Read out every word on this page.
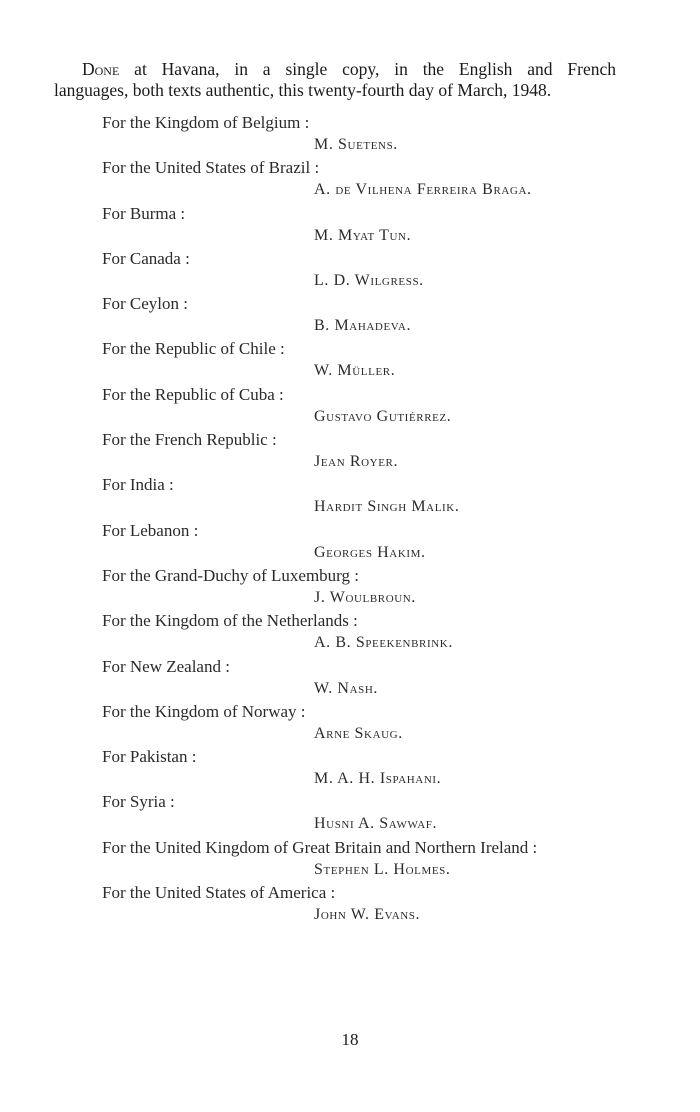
Done at Havana, in a single copy, in the English and French
languages, both texts authentic, this twenty-fourth day of March, 1948.
For the Kingdom of Belgium :
M. Suetens.
For the United States of Brazil :
A. de Vilhena Ferreira Braga.
For Burma :
M. Myat Tun.
For Canada :
L. D. Wilgress.
For Ceylon :
B. Mahadeva.
For the Republic of Chile :
W. Müller.
For the Republic of Cuba :
Gustavo Gutiérrez.
For the French Republic :
Jean Royer.
For India :
Hardit Singh Malik.
For Lebanon :
Georges Hakim.
For the Grand-Duchy of Luxemburg :
J. Woulbroun.
For the Kingdom of the Netherlands :
A. B. Speekenbrink.
For New Zealand :
W. Nash.
For the Kingdom of Norway :
Arne Skaug.
For Pakistan :
M. A. H. Ispahani.
For Syria :
Husni A. Sawwaf.
For the United Kingdom of Great Britain and Northern Ireland :
Stephen L. Holmes.
For the United States of America :
John W. Evans.
18
